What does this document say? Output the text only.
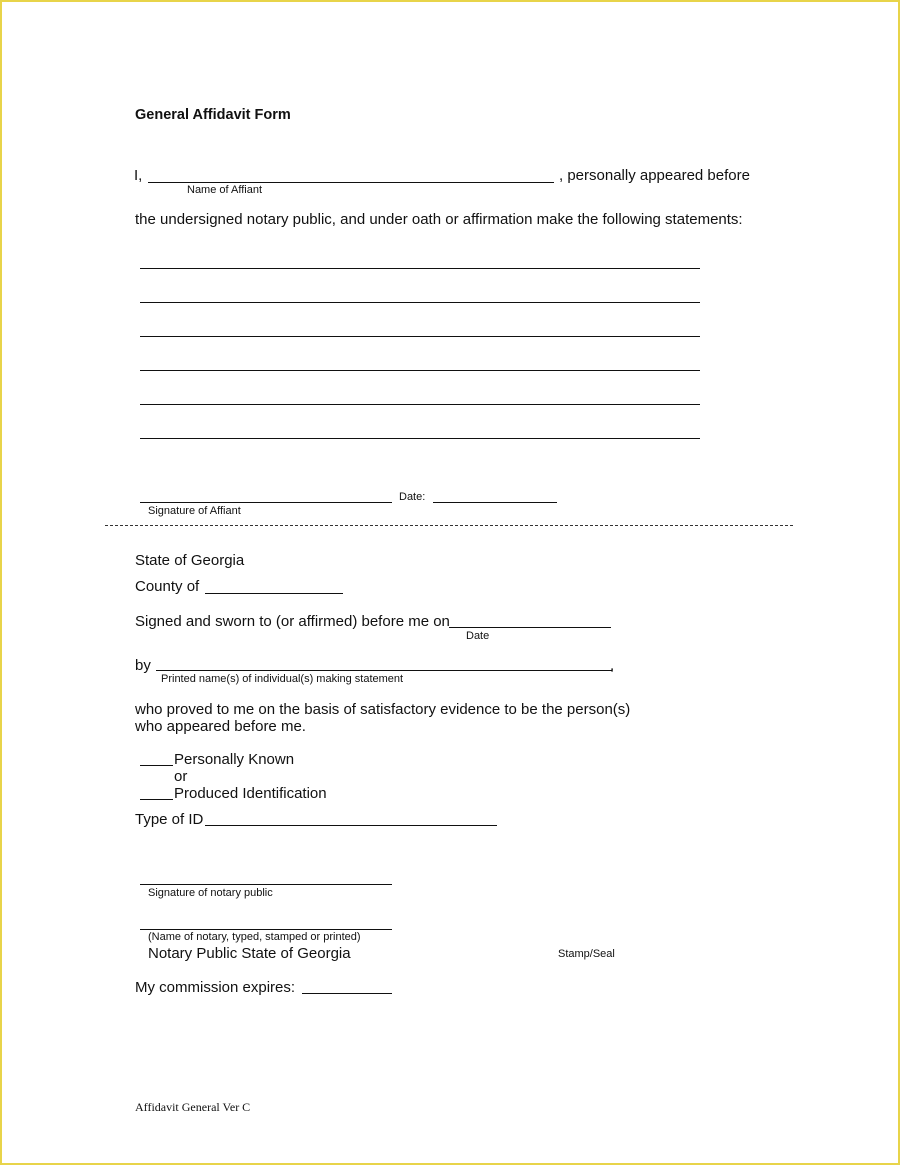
General Affidavit Form
I,	, personally appeared before
Name of Affiant
the undersigned notary public, and under oath or affirmation make the following statements:
Date:
Signature of Affiant
State of Georgia
County of
Signed and sworn to (or affirmed) before me on
Date
by	,
Printed name(s) of individual(s) making statement
who proved to me on the basis of satisfactory evidence to be the person(s)
who appeared before me.
Personally Known
or
Produced Identification
Type of ID
Signature of notary public
(Name of notary, typed, stamped or printed)
Notary Public State of Georgia	Stamp/Seal
My commission expires:
Affidavit General Ver C
